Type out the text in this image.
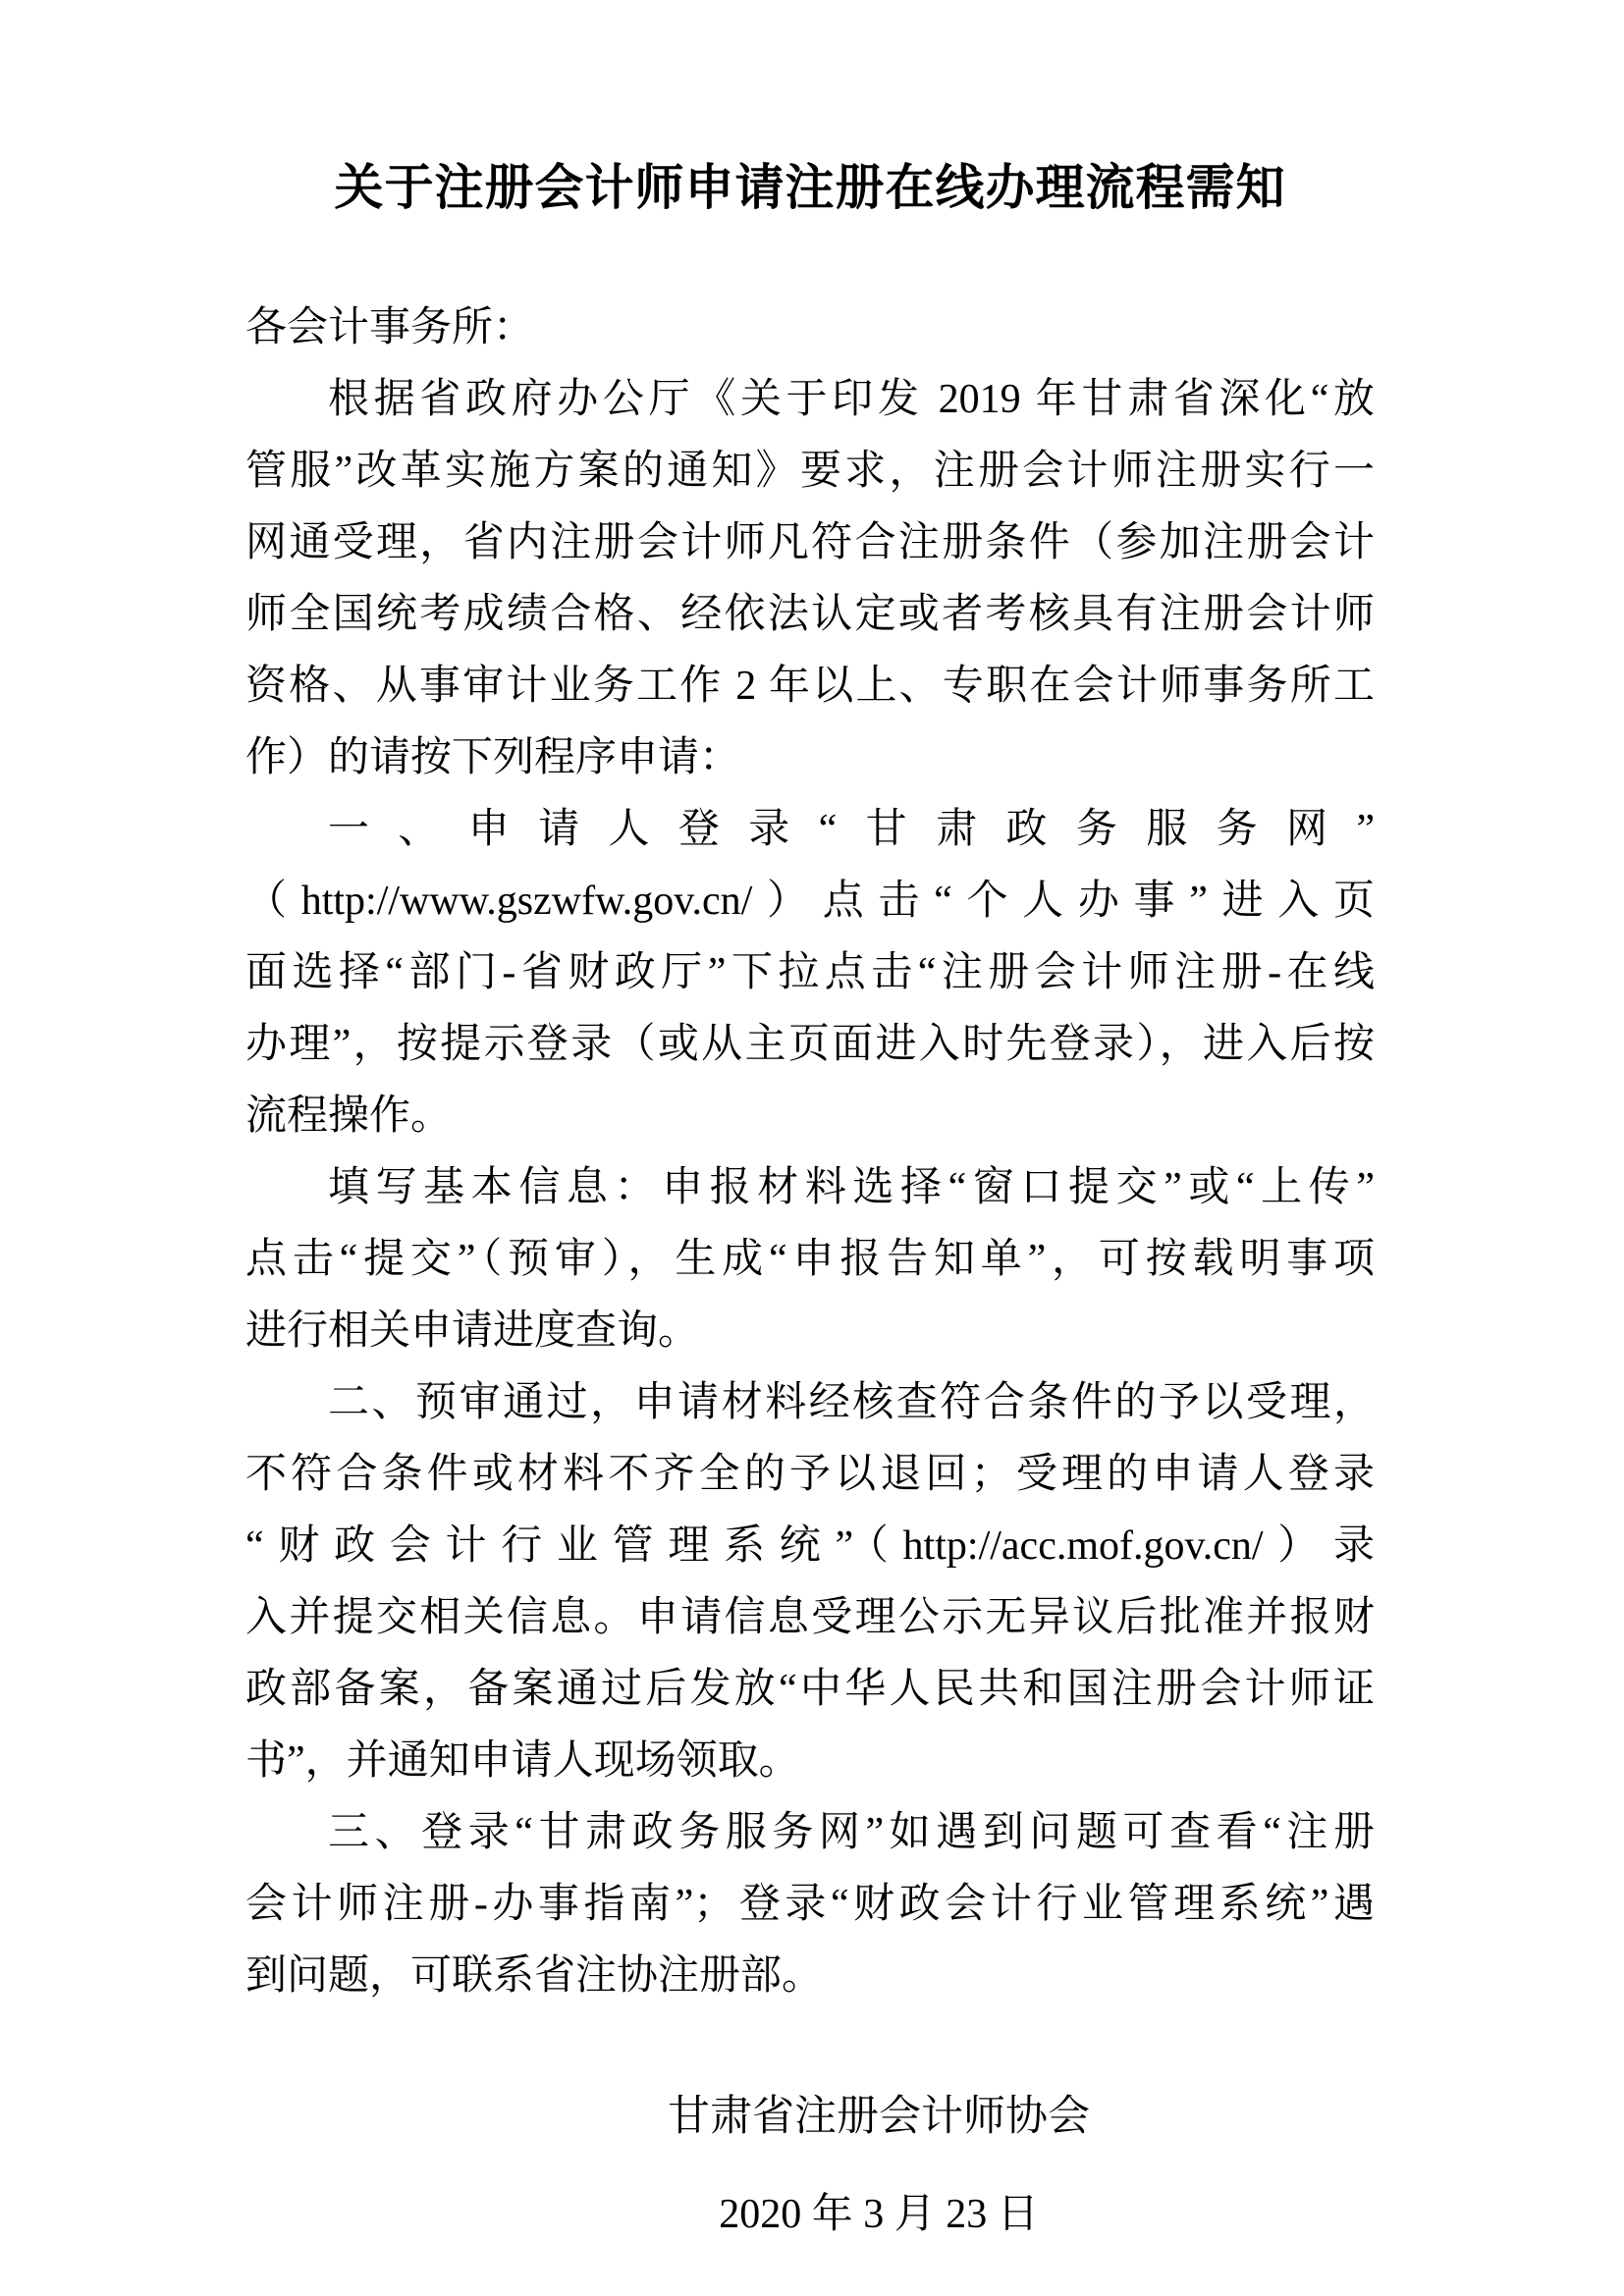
关于注册会计师申请注册在线办理流程需知
各会计事务所：
根据省政府办公厅《关于印发 2019 年甘肃省深化“放
管服”改革实施方案的通知》要求，注册会计师注册实行一
网通受理，省内注册会计师凡符合注册条件（参加注册会计
师全国统考成绩合格、经依法认定或者考核具有注册会计师
资格、从事审计业务工作 2 年以上、专职在会计师事务所工
作）的请按下列程序申请：
一、申请人登录“甘肃政务服务网”
（http://www.gszwfw.gov.cn/）点击“个人办事”进入页
面选择“部门-省财政厅”下拉点击“注册会计师注册-在线
办理”，按提示登录（或从主页面进入时先登录），进入后按
流程操作。
填写基本信息：申报材料选择“窗口提交”或“上传”
点击“提交”（预审），生成“申报告知单”，可按载明事项
进行相关申请进度查询。
二、预审通过，申请材料经核查符合条件的予以受理，
不符合条件或材料不齐全的予以退回；受理的申请人登录
“财政会计行业管理系统”（http://acc.mof.gov.cn/）录
入并提交相关信息。申请信息受理公示无异议后批准并报财
政部备案，备案通过后发放“中华人民共和国注册会计师证
书”，并通知申请人现场领取。
三、登录“甘肃政务服务网”如遇到问题可查看“注册
会计师注册-办事指南”；登录“财政会计行业管理系统”遇
到问题，可联系省注协注册部。
甘肃省注册会计师协会
2020 年 3 月 23 日
